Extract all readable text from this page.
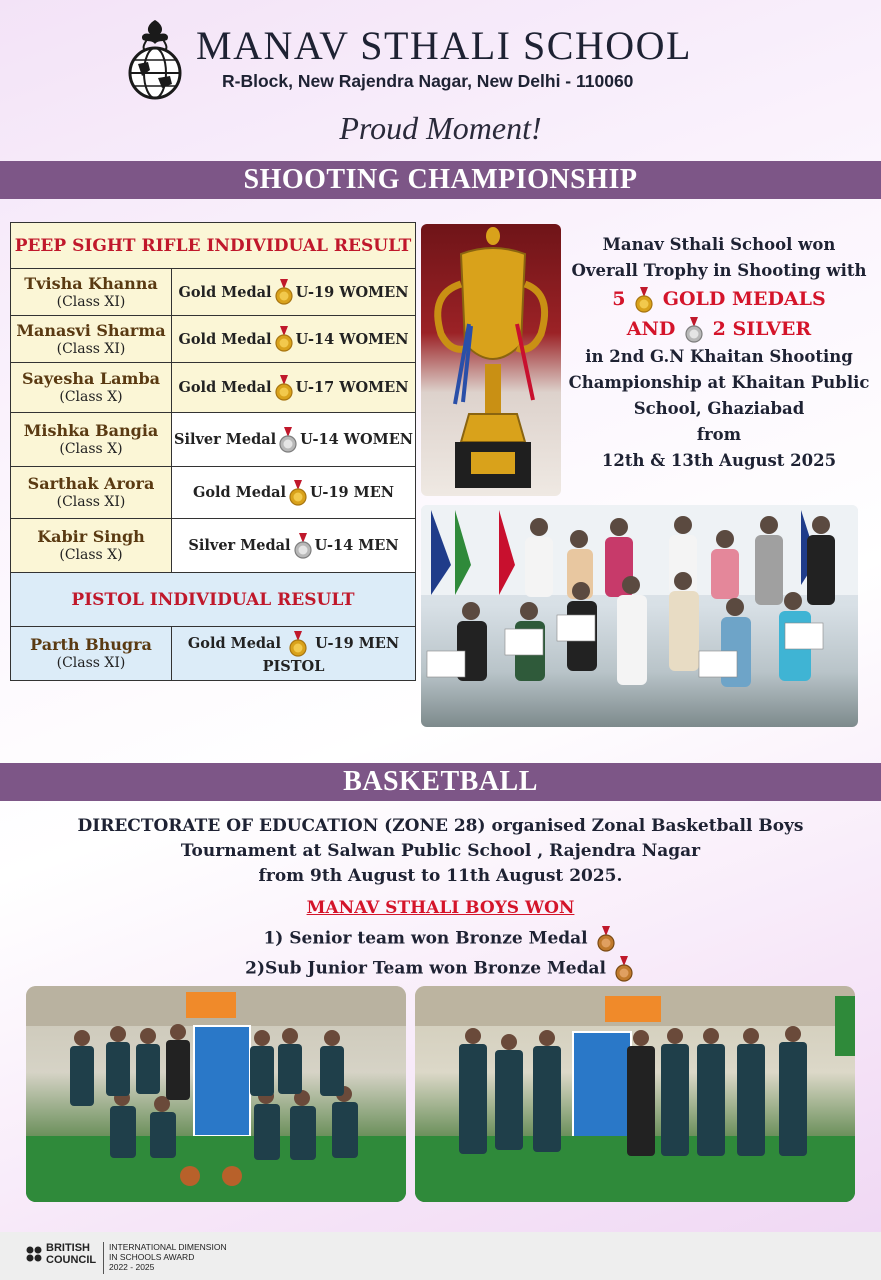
MANAV STHALI SCHOOL
R-Block, New Rajendra Nagar, New Delhi - 110060
Proud Moment!
SHOOTING CHAMPIONSHIP
PEEP SIGHT RIFLE INDIVIDUAL RESULT
Tvisha Khanna
(Class XI)
Gold Medal U-19 WOMEN
Manasvi Sharma
(Class XI)
Gold Medal U-14 WOMEN
Sayesha Lamba
(Class X)
Gold Medal U-17 WOMEN
Mishka Bangia
(Class X)
Silver Medal U-14 WOMEN
Sarthak Arora
(Class XI)
Gold Medal U-19 MEN
Kabir Singh
(Class X)
Silver Medal U-14 MEN
PISTOL INDIVIDUAL RESULT
Parth Bhugra
(Class XI)
Gold Medal U-19 MEN
PISTOL
Manav Sthali School won
Overall Trophy in Shooting with
5 GOLD MEDALS
AND 2 SILVER
in 2nd G.N Khaitan Shooting
Championship at Khaitan Public
School, Ghaziabad
from
12th & 13th August 2025
BASKETBALL
DIRECTORATE OF EDUCATION (ZONE 28) organised Zonal Basketball Boys
Tournament at Salwan Public School , Rajendra Nagar
from 9th August to 11th August 2025.
MANAV STHALI BOYS WON
1) Senior team won Bronze Medal
2)Sub Junior Team won Bronze Medal
BRITISH
COUNCIL
INTERNATIONAL DIMENSION
IN SCHOOLS AWARD
2022 - 2025
